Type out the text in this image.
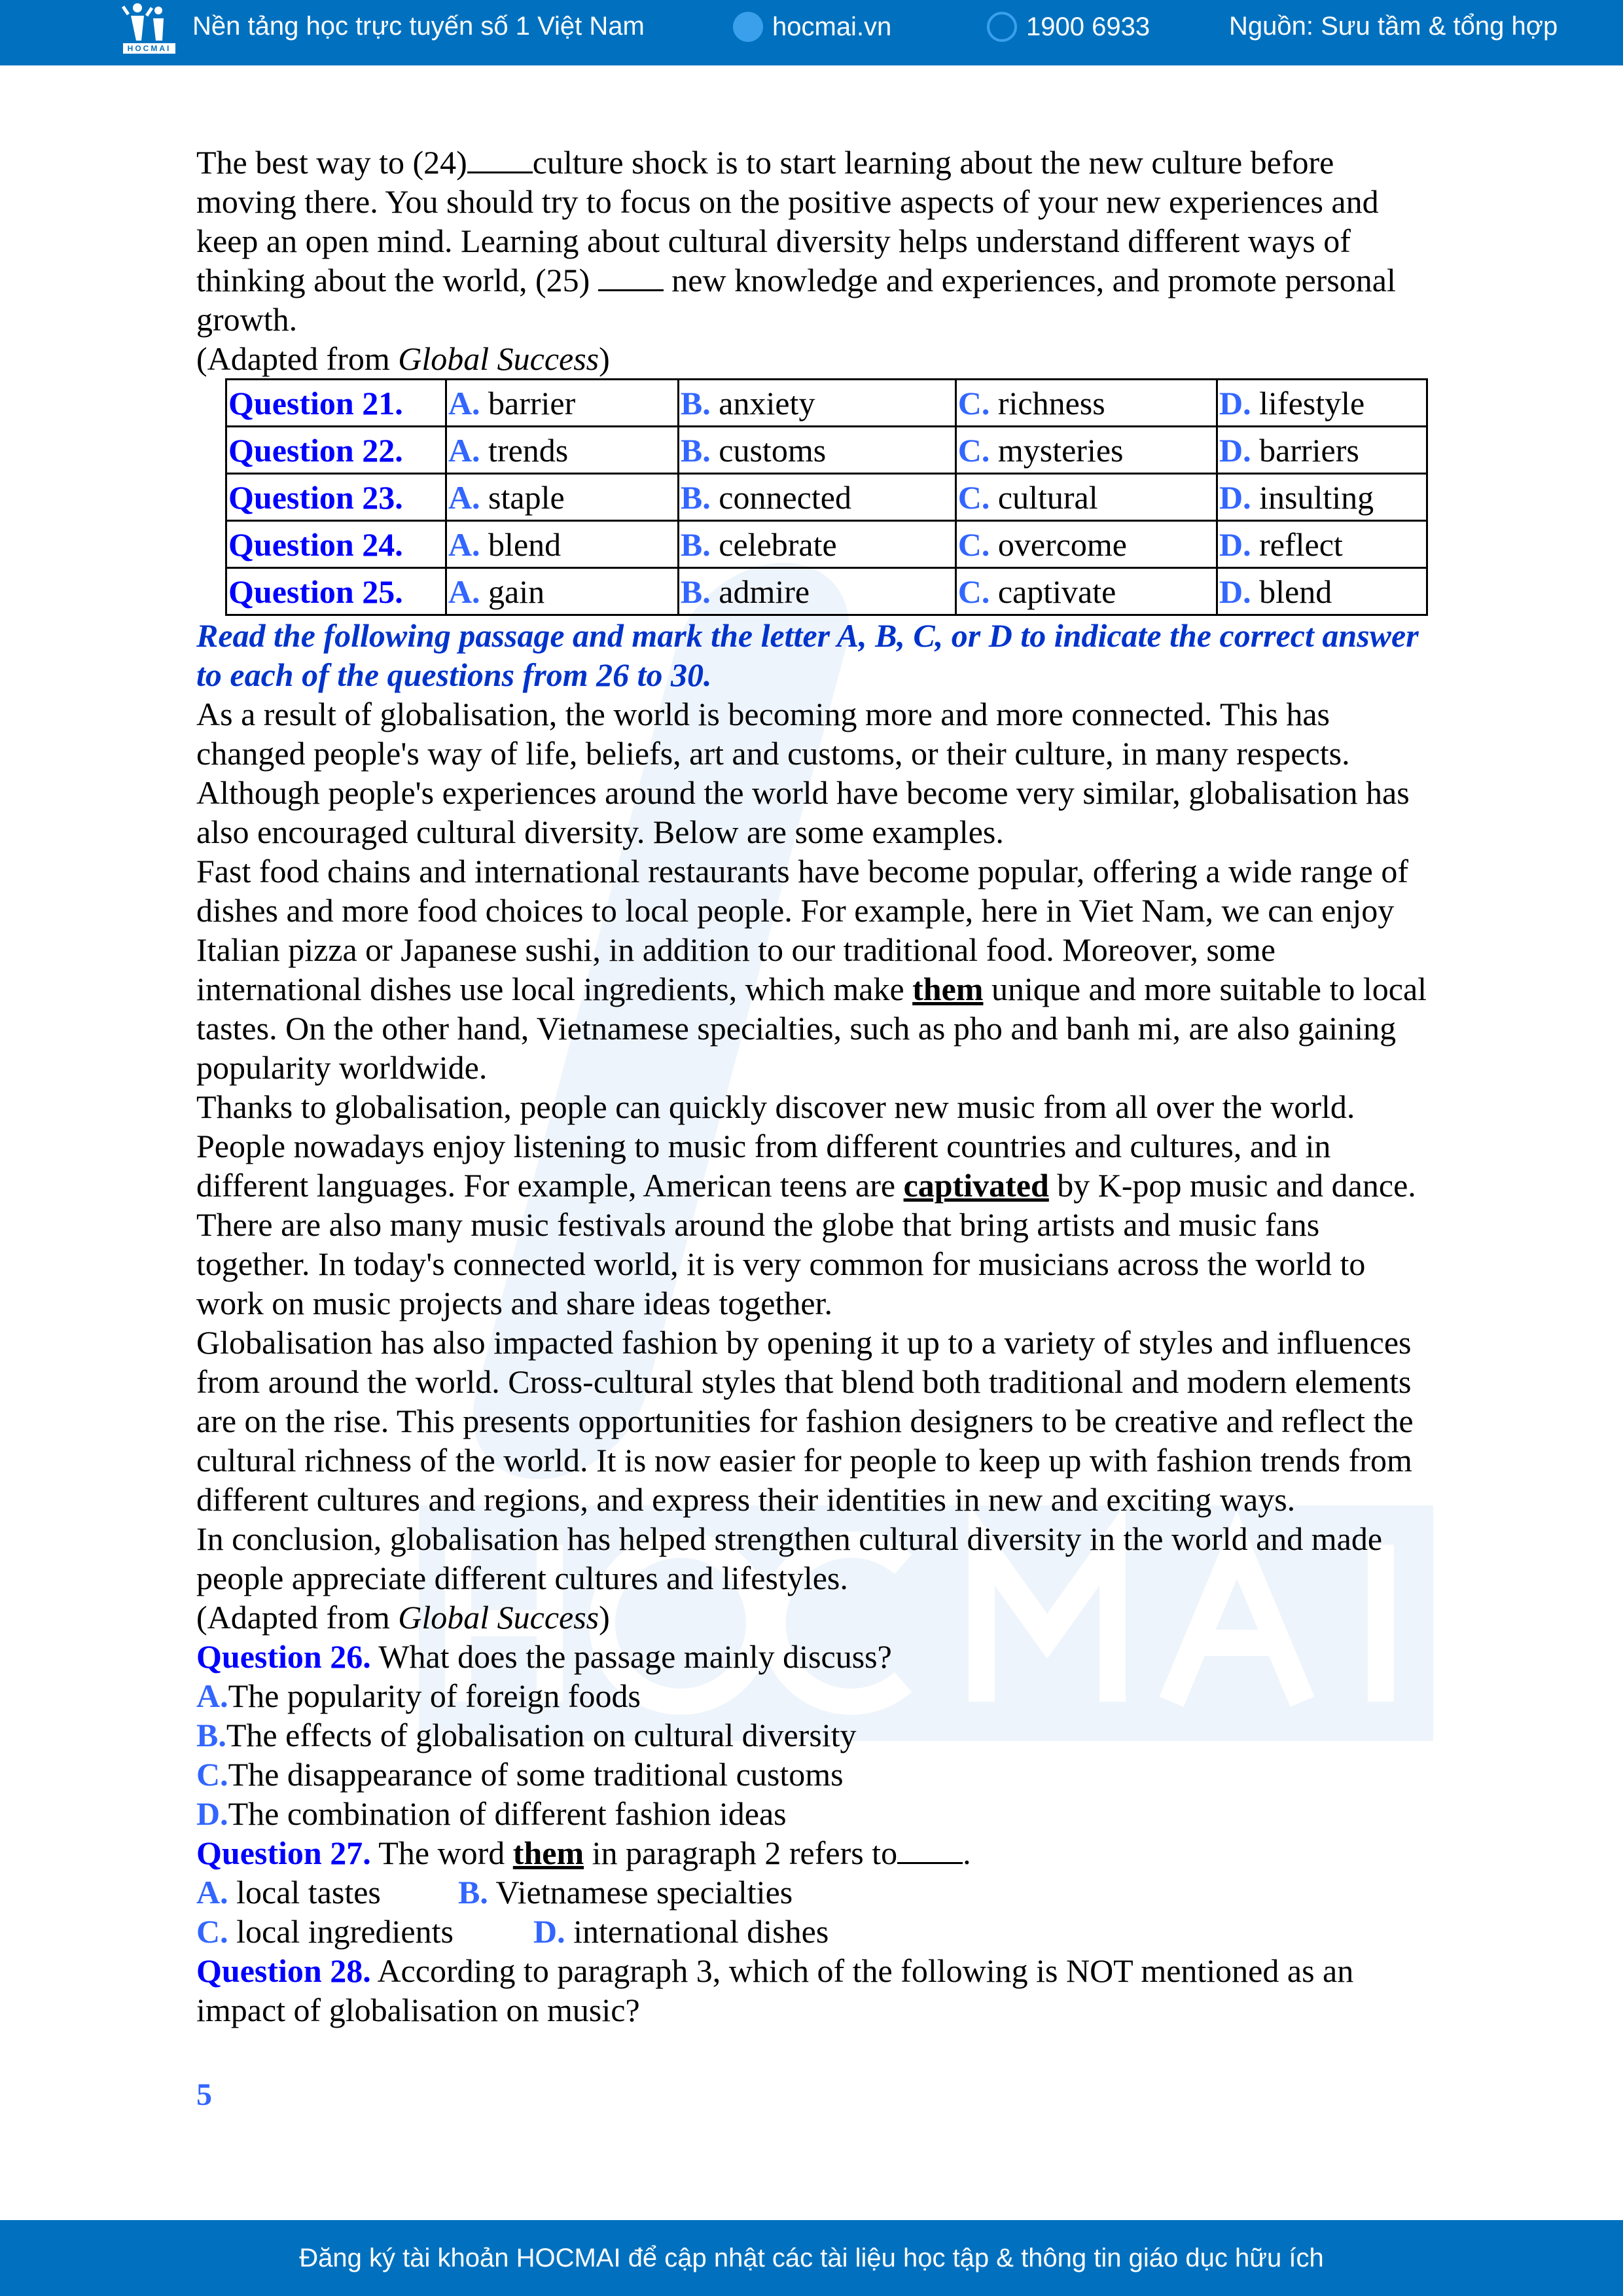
HOCMAI
Nền tảng học trực tuyến số 1 Việt Nam	hocmai.vn	1900 6933	Nguồn: Sưu tầm & tổng hợp

The best way to (24) culture shock is to start learning about the new culture before moving there. You should try to focus on the positive aspects of your new experiences and keep an open mind. Learning about cultural diversity helps understand different ways of thinking about the world, (25)  new knowledge and experiences, and promote personal growth.

(Adapted from Global Success)

Question 21.	A. barrier	B. anxiety	C. richness	D. lifestyle
Question 22.	A. trends	B. customs	C. mysteries	D. barriers
Question 23.	A. staple	B. connected	C. cultural	D. insulting
Question 24.	A. blend	B. celebrate	C. overcome	D. reflect
Question 25.	A. gain	B. admire	C. captivate	D. blend

Read the following passage and mark the letter A, B, C, or D to indicate the correct answer to each of the questions from 26 to 30.

As a result of globalisation, the world is becoming more and more connected. This has changed people's way of life, beliefs, art and customs, or their culture, in many respects. Although people's experiences around the world have become very similar, globalisation has also encouraged cultural diversity. Below are some examples.

Fast food chains and international restaurants have become popular, offering a wide range of dishes and more food choices to local people. For example, here in Viet Nam, we can enjoy Italian pizza or Japanese sushi, in addition to our traditional food. Moreover, some international dishes use local ingredients, which make them unique and more suitable to local tastes. On the other hand, Vietnamese specialties, such as pho and banh mi, are also gaining popularity worldwide.

Thanks to globalisation, people can quickly discover new music from all over the world. People nowadays enjoy listening to music from different countries and cultures, and in different languages. For example, American teens are captivated by K-pop music and dance. There are also many music festivals around the globe that bring artists and music fans together. In today's connected world, it is very common for musicians across the world to work on music projects and share ideas together.

Globalisation has also impacted fashion by opening it up to a variety of styles and influences from around the world. Cross-cultural styles that blend both traditional and modern elements are on the rise. This presents opportunities for fashion designers to be creative and reflect the cultural richness of the world. It is now easier for people to keep up with fashion trends from different cultures and regions, and express their identities in new and exciting ways.

In conclusion, globalisation has helped strengthen cultural diversity in the world and made people appreciate different cultures and lifestyles.

(Adapted from Global Success)

Question 26. What does the passage mainly discuss?

A.The popularity of foreign foods

B.The effects of globalisation on cultural diversity

C.The disappearance of some traditional customs

D.The combination of different fashion ideas

Question 27. The word them in paragraph 2 refers to .

A. local tastes	B. Vietnamese specialties
C. local ingredients	D. international dishes

Question 28. According to paragraph 3, which of the following is NOT mentioned as an impact of globalisation on music?

5
Đăng ký tài khoản HOCMAI để cập nhật các tài liệu học tập & thông tin giáo dục hữu ích
